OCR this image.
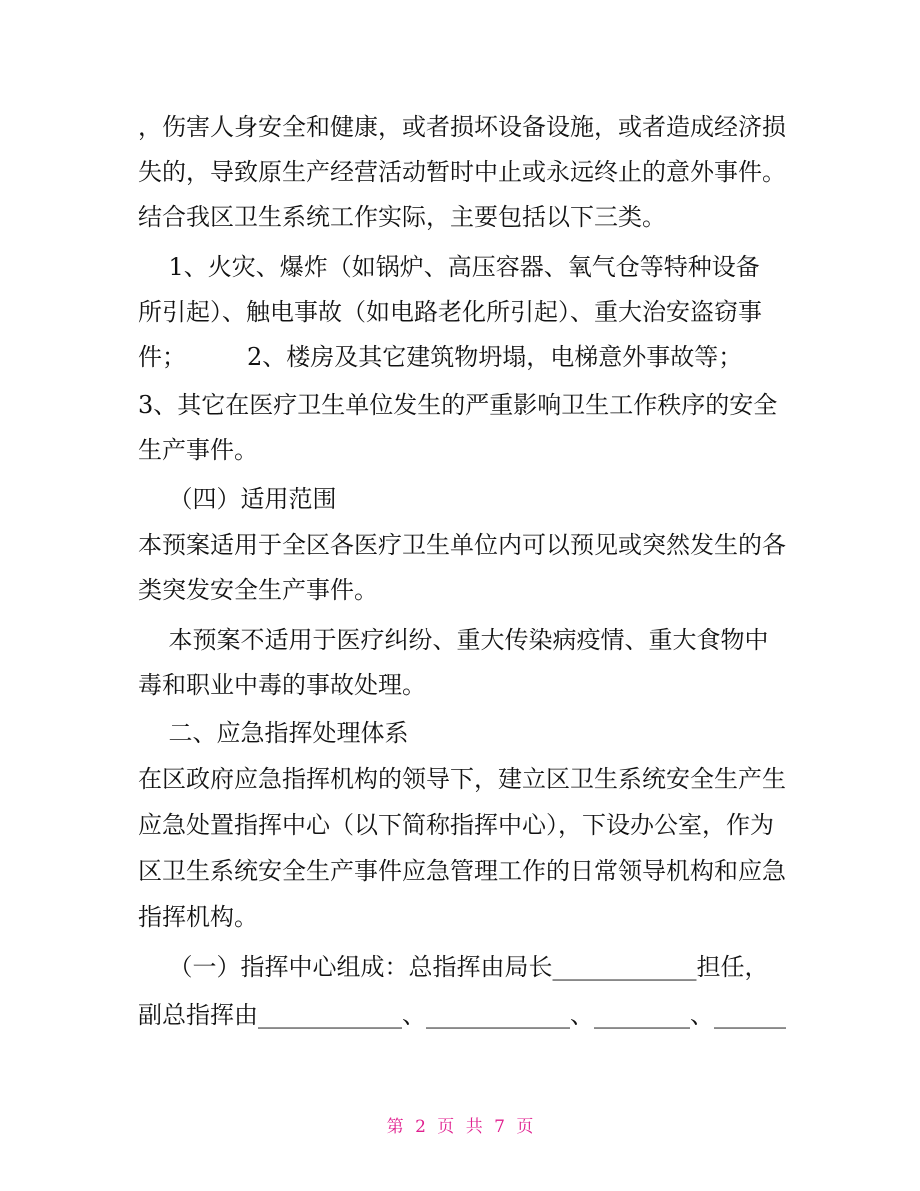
，伤害人身安全和健康，或者损坏设备设施，或者造成经济损
失的，导致原生产经营活动暂时中止或永远终止的意外事件。
结合我区卫生系统工作实际，主要包括以下三类。
1、火灾、爆炸（如锅炉、高压容器、氧气仓等特种设备
所引起）、触电事故（如电路老化所引起）、重大治安盗窃事
件；        2、楼房及其它建筑物坍塌，电梯意外事故等；
3、其它在医疗卫生单位发生的严重影响卫生工作秩序的安全
生产事件。
（四）适用范围
本预案适用于全区各医疗卫生单位内可以预见或突然发生的各
类突发安全生产事件。
本预案不适用于医疗纠纷、重大传染病疫情、重大食物中
毒和职业中毒的事故处理。
二、应急指挥处理体系
在区政府应急指挥机构的领导下，建立区卫生系统安全生产生
应急处置指挥中心（以下简称指挥中心），下设办公室，作为
区卫生系统安全生产事件应急管理工作的日常领导机构和应急
指挥机构。
（一）指挥中心组成：总指挥由局长____________担任，
副总指挥由____________、____________、________、______
第 2 页 共 7 页
